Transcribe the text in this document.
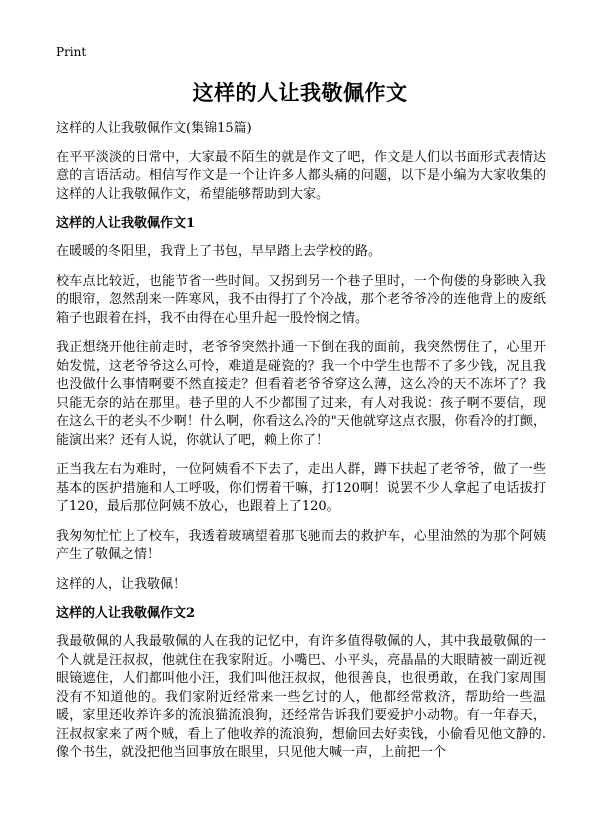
Print
这样的人让我敬佩作文

这样的人让我敬佩作文(集锦15篇)

在平平淡淡的日常中，大家最不陌生的就是作文了吧，作文是人们以书面形式表情达意的言语活动。相信写作文是一个让许多人都头痛的问题，以下是小编为大家收集的这样的人让我敬佩作文，希望能够帮助到大家。

这样的人让我敬佩作文1

在暖暖的冬阳里，我背上了书包，早早踏上去学校的路。

校车点比较近，也能节省一些时间。又拐到另一个巷子里时，一个佝偻的身影映入我的眼帘，忽然刮来一阵寒风，我不由得打了个冷战，那个老爷爷冷的连他背上的废纸箱子也跟着在抖，我不由得在心里升起一股怜悯之情。

我正想绕开他往前走时，老爷爷突然扑通一下倒在我的面前，我突然愣住了，心里开始发慌，这老爷爷这么可怜，难道是碰瓷的？我一个中学生也帮不了多少钱，况且我也没做什么事情啊要不然直接走？但看着老爷爷穿这么薄，这么冷的天不冻坏了？我只能无奈的站在那里。巷子里的人不少都围了过来，有人对我说：孩子啊不要信，现在这么干的老头不少啊！什么啊，你看这么冷的"天他就穿这点衣服，你看冷的打颤，能演出来？还有人说，你就认了吧，赖上你了！

正当我左右为难时，一位阿姨看不下去了，走出人群，蹲下扶起了老爷爷，做了一些基本的医护措施和人工呼吸，你们愣着干嘛，打120啊！说罢不少人拿起了电话拔打了120，最后那位阿姨不放心，也跟着上了120。

我匆匆忙忙上了校车，我透着玻璃望着那飞驰而去的救护车，心里油然的为那个阿姨产生了敬佩之情！

这样的人，让我敬佩！

这样的人让我敬佩作文2

我最敬佩的人我最敬佩的人在我的记忆中，有许多值得敬佩的人，其中我最敬佩的一个人就是汪叔叔，他就住在我家附近。小嘴巴、小平头，亮晶晶的大眼睛被一副近视眼镜遮住，人们都叫他小汪，我们叫他汪叔叔，他很善良，也很勇敢，在我门家周围没有不知道他的。我们家附近经常来一些乞讨的人，他都经常救济，帮助给一些温暖，家里还收养许多的流浪猫流浪狗，还经常告诉我们要爱护小动物。有一年春天，汪叔叔家来了两个贼，看上了他收养的流浪狗，想偷回去好卖钱，小偷看见他文静的.像个书生，就没把他当回事放在眼里，只见他大喊一声，上前把一个
